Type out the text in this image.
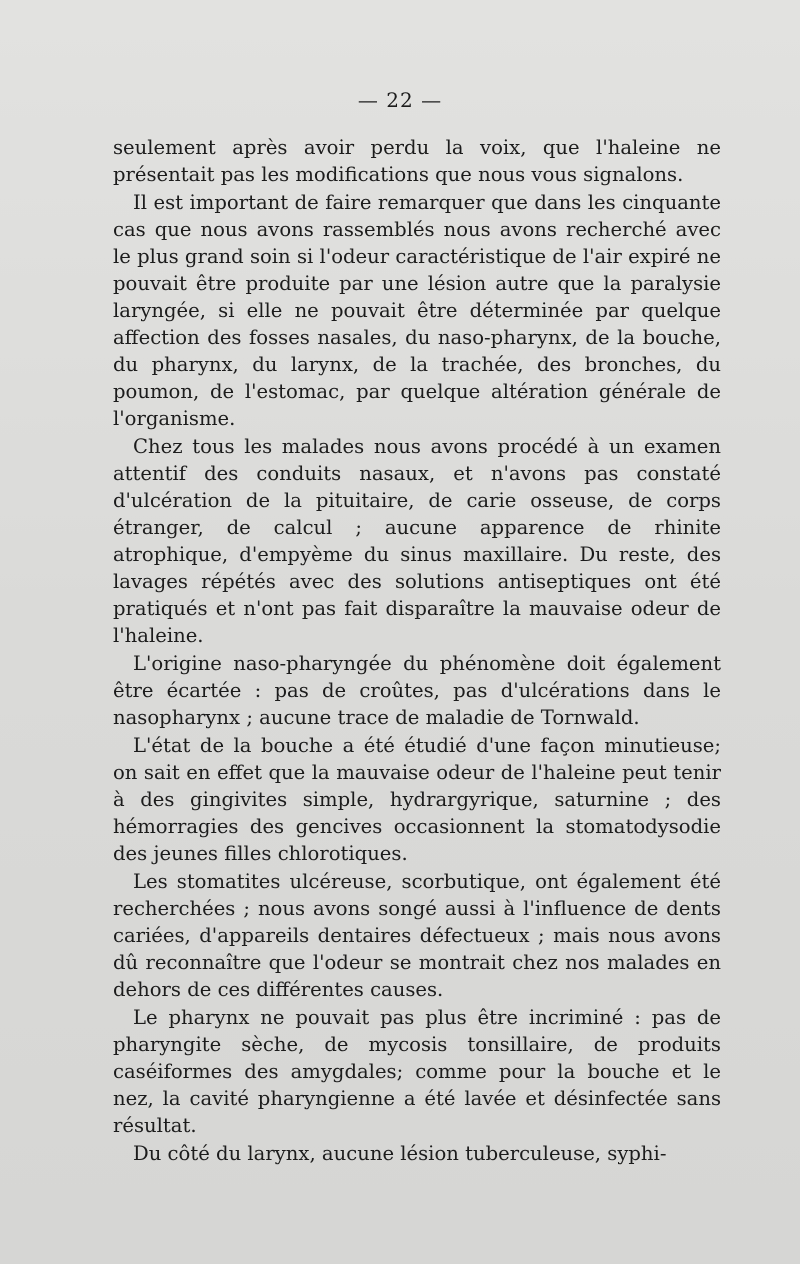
— 22 —

seulement après avoir perdu la voix, que l'haleine ne présentait pas les modifications que nous vous signalons.

Il est important de faire remarquer que dans les cinquante cas que nous avons rassemblés nous avons recherché avec le plus grand soin si l'odeur caractéristique de l'air expiré ne pouvait être produite par une lésion autre que la paralysie laryngée, si elle ne pouvait être déterminée par quelque affection des fosses nasales, du naso-pharynx, de la bouche, du pharynx, du larynx, de la trachée, des bronches, du poumon, de l'estomac, par quelque altération générale de l'organisme.

Chez tous les malades nous avons procédé à un examen attentif des conduits nasaux, et n'avons pas constaté d'ulcération de la pituitaire, de carie osseuse, de corps étranger, de calcul ; aucune apparence de rhinite atrophique, d'empyème du sinus maxillaire. Du reste, des lavages répétés avec des solutions antiseptiques ont été pratiqués et n'ont pas fait disparaître la mauvaise odeur de l'haleine.

L'origine naso-pharyngée du phénomène doit également être écartée : pas de croûtes, pas d'ulcérations dans le nasopharynx ; aucune trace de maladie de Tornwald.

L'état de la bouche a été étudié d'une façon minutieuse; on sait en effet que la mauvaise odeur de l'haleine peut tenir à des gingivites simple, hydrargyrique, saturnine ; des hémorragies des gencives occasionnent la stomatodysodie des jeunes filles chlorotiques.

Les stomatites ulcéreuse, scorbutique, ont également été recherchées ; nous avons songé aussi à l'influence de dents cariées, d'appareils dentaires défectueux ; mais nous avons dû reconnaître que l'odeur se montrait chez nos malades en dehors de ces différentes causes.

Le pharynx ne pouvait pas plus être incriminé : pas de pharyngite sèche, de mycosis tonsillaire, de produits caséiformes des amygdales; comme pour la bouche et le nez, la cavité pharyngienne a été lavée et désinfectée sans résultat.

Du côté du larynx, aucune lésion tuberculeuse, syphi-
